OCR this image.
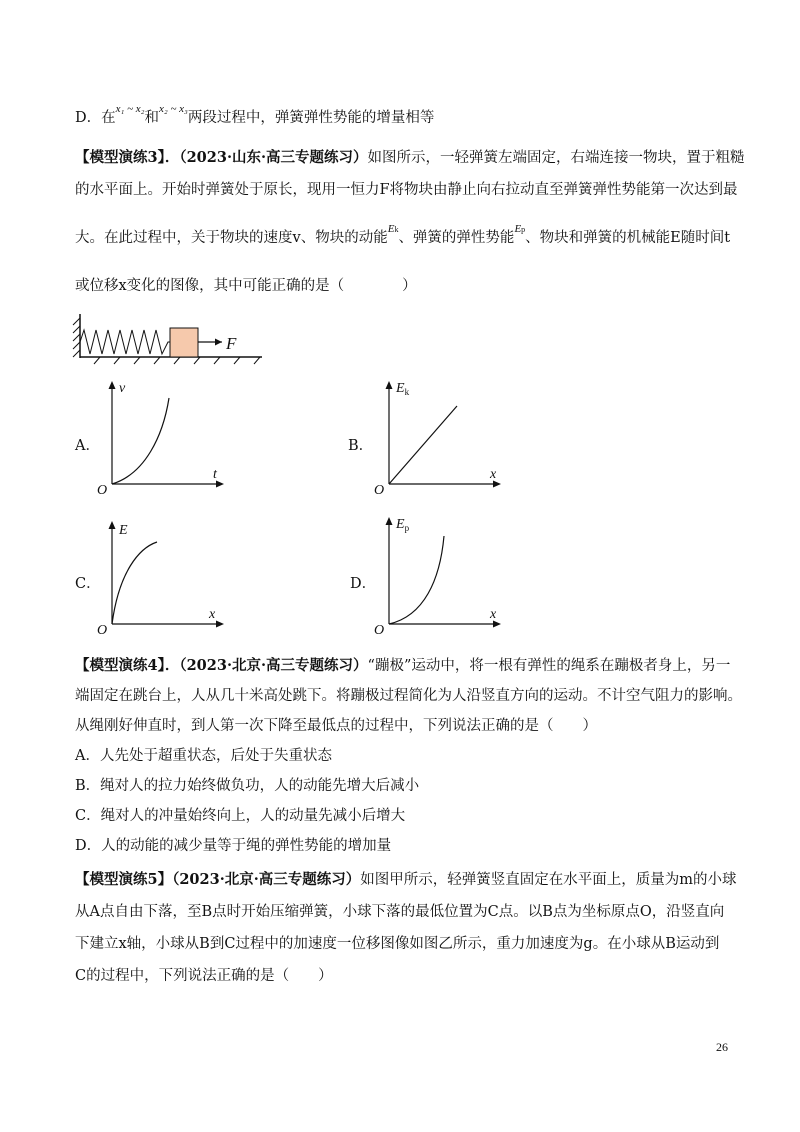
D．在$^{x_1 \sim x_2}$和$^{x_2 \sim x_3}$两段过程中，弹簧弹性势能的增量相等
【模型演练3】．（2023·山东·高三专题练习）如图所示，一轻弹簧左端固定，右端连接一物块，置于粗糙
的水平面上。开始时弹簧处于原长，现用一恒力F将物块由静止向右拉动直至弹簧弹性势能第一次达到最
大。在此过程中，关于物块的速度v、物块的动能$^{Ek}$、弹簧的弹性势能$^{Ep}$、物块和弹簧的机械能E随时间t
或位移x变化的图像，其中可能正确的是（　　　　）
F
A．
v
t
O
B．
$E_k$
x
O
C．
E
x
O
D．
$E_p$
x
O
【模型演练4】．（2023·北京·高三专题练习）“蹦极”运动中，将一根有弹性的绳系在蹦极者身上，另一
端固定在跳台上，人从几十米高处跳下。将蹦极过程简化为人沿竖直方向的运动。不计空气阻力的影响。
从绳刚好伸直时，到人第一次下降至最低点的过程中，下列说法正确的是（　　）
A．人先处于超重状态，后处于失重状态
B．绳对人的拉力始终做负功，人的动能先增大后减小
C．绳对人的冲量始终向上，人的动量先减小后增大
D．人的动能的减少量等于绳的弹性势能的增加量
【模型演练5】（2023·北京·高三专题练习）如图甲所示，轻弹簧竖直固定在水平面上，质量为m的小球
从A点自由下落，至B点时开始压缩弹簧，小球下落的最低位置为C点。以B点为坐标原点O，沿竖直向
下建立x轴，小球从B到C过程中的加速度一位移图像如图乙所示，重力加速度为g。在小球从B运动到
C的过程中，下列说法正确的是（　　）
26
